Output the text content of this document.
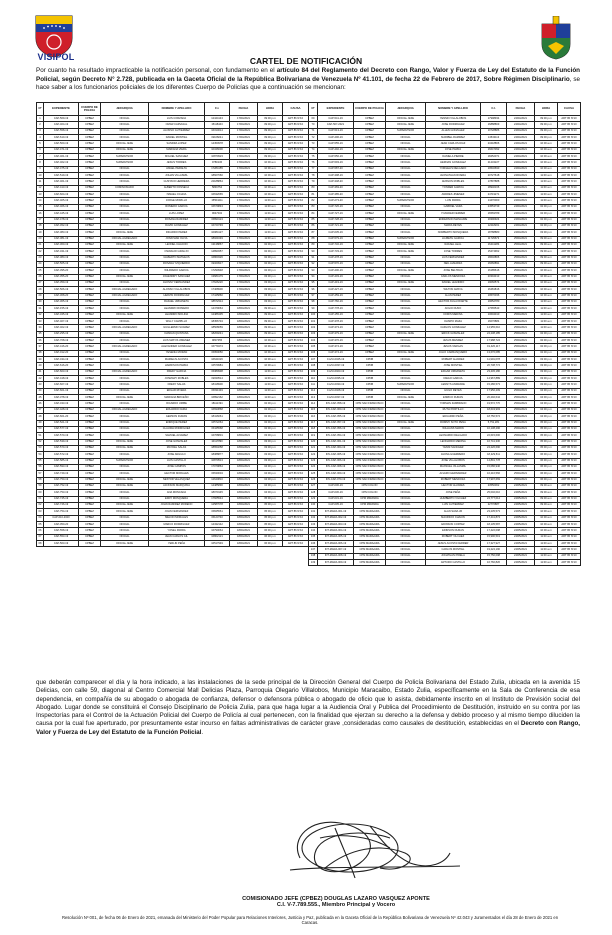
VISIPOL	CARTEL DE NOTIFICACIÓN
Por cuanto ha resultado impracticable la notificación personal, con fundamento en el artículo 84 del Reglamento del Decreto con Rango, Valor y Fuerza de Ley del Estatuto de la Función Policial, según Decreto N° 2.728, publicada en la Gaceta Oficial de la República Bolivariana de Venezuela Nº 41.101, de fecha 22 de Febrero de 2017, Sobre Régimen Disciplinario, se hace saber a los funcionarios policiales de los diferentes Cuerpo de Policías que a continuación se mencionan:
Nº	EXPEDIENTE	CUERPO DE POLICIA	JERARQUIA	NOMBRE Y APELLIDO	C.I.	FECHA	HORA	CAUSA
1	CAP-569-19	CPBEZ	OFICIAL	LUIS CORZADA	12444143	17/04/2021	09:00 p.m	ART 86 Nº10
2	CAP-404-19	CPBEZ	OFICIAL	OMAR CARVAJAL	15118443	17/04/2021	09:00 p.m	ART 86 Nº10
3	CAP-558-19	CPBEZ	OFICIAL	ALONSO GUTIERREZ	16314614	17/04/2021	09:00 p.m	ART 86 Nº10
4	CAP-610-19	CPBEZ	OFICIAL	DANIEL MONTIEL	19108241	17/04/2021	09:00 p.m	ART 86 Nº10
5	CAP-560-19	CPBEZ	OFICIAL JEFE	SANDRA LOPEZ	14450978	17/04/2021	09:00 p.m	ART 86 Nº10
6	CAP-471-19	CPBEZ	OFICIAL JEFE	MARIANA VIERA	10346600	17/04/2021	09:00 p.m	ART 86 Nº10
7	CAP-461-19	CPBEZ	SUPERVISOR	MIGUEL SANCHEZ	10870923	17/04/2021	09:00 p.m	ART 86 Nº10
8	CAP-462-19	CPBEZ	SUPERVISOR	JESUS TORRES	9780136	17/04/2021	10:00 a.m	ART 86 Nº10
9	CAP-475-19	CPBEZ	OFICIAL	ANGEL PERALTA	17284155	17/04/2021	10:00 a.m	ART 86 Nº10
10	CAP-519-19	CPBEZ	OFICIAL	JOHAN VILLASMIL	18607660	17/04/2021	10:00 a.m	ART 86 Nº10
11	CAP-461-19	CPBEZ	OFICIAL	GUSTAVO HERRERA	22188864	17/04/2021	10:00 a.m	ART 86 Nº10
12	CAP-413-19	CPBEZ	COMISIONADO	ALBERTO FONSECA	5846754	17/04/2021	10:00 a.m	ART 86 Nº10
13	CAP-604-19	CPBEZ	OFICIAL	ISMAEL OCHOA	16632665	17/04/2021	10:00 a.m	ART 86 Nº10
14	CAP-405-19	CPBEZ	OFICIAL	JORGE MORILLO	15504411	17/04/2021	11:00 a.m	ART 86 Nº10
15	CAP-466-19	CPBEZ	OFICIAL	ROMERO GARCIA	16679843	17/04/2021	11:00 a.m	ART 86 Nº10
16	CAP-445-19	CPBEZ	OFICIAL	LUIS LOPEZ	9647032	17/04/2021	11:00 a.m	ART 86 Nº10
17	CAP-478-19	CPBEZ	OFICIAL	ROSANA RAMIREZ	15890124	17/04/2021	11:00 a.m	ART 86 Nº10
18	CAP-452-19	CPBEZ	OFICIAL	DAVID GONZALEZ	16720793	17/04/2021	11:00 a.m	ART 86 Nº10
19	CAP-383-19	CPBEZ	OFICIAL JEFE	RICARDO PEREZ	10084127	17/04/2021	11:00 a.m	ART 86 Nº10
20	CAP-381-19	CPBEZ	OFICIAL AGREGADO	JONATHAN OLIVA	18021649	17/04/2021	11:00 a.m	ART 86 Nº10
21	CAP-360-19	CPBEZ	OFICIAL JEFE	LEONEL CHACON	13138867	17/04/2021	02:00 p.m	ART 86 Nº10
22	CAP-341-19	CPBEZ	OFICIAL	OSWALDO ARAUJO	14890357	17/04/2021	02:00 p.m	ART 86 Nº10
23	CAP-380-19	CPBEZ	OFICIAL	GILBERTO MATHEUS	16860326	17/04/2021	02:00 p.m	ART 86 Nº10
24	CAP-565-19	CPBEZ	OFICIAL	ROSANA YZQUIERDO	19320917	17/04/2021	02:00 p.m	ART 86 Nº10
25	CAP-395-20	CPBEZ	OFICIAL	WILFREDO GARCIA	17290948	17/04/2021	02:00 p.m	ART 86 Nº10
26	CAP-355-20	CPBEZ	OFICIAL JEFE	JOHENDRY SANCHEZ	13684179	17/04/2021	03:00 p.m	ART 86 Nº10
27	CAP-359-19	CPBEZ	OFICIAL	JHONNY FERNANDEZ	17626220	17/04/2021	03:00 p.m	ART 86 Nº10
28	CAP-506-19	CPBEZ	OFICIAL AGREGADO	ALONSO VILLALOBOS	17468900	17/04/2021	03:00 p.m	ART 86 Nº10
29	CAP-368-20	CPBEZ	OFICIAL AGREGADO	HERVIN RODRIGUEZ	17445860	17/04/2021	03:00 p.m	ART 86 Nº10
30	CAP-365-19	CPBEZ	OFICIAL	RAFAEL URDANETA	18672314	17/04/2021	03:00 p.m	ART 86 Nº10
31	CAP-155-19	CPBEZ	OFICIAL	LEANDRO ROMERO	14479064	18/04/2021	09:00 a.m	ART 86 Nº10
32	CAP-345-19	CPBEZ	OFICIAL JEFE	LEANDRO MOLINA	12486335	18/04/2021	09:00 a.m	ART 86 Nº10
33	CAP-407-19	CPBEZ	OFICIAL	WILLY CAMPILLO	18456734	18/04/2021	09:00 a.m	ART 86 Nº10
34	CAP-402-19	CPBEZ	OFICIAL AGREGADO	GUILLERMO SUAREZ	18508059	18/04/2021	09:00 a.m	ART 86 Nº10
35	CAP-295-19	CPBEZ	OFICIAL	DAMIAN QUINTANA	18269241	18/04/2021	09:00 a.m	ART 86 Nº10
36	CAP-708-19	CPBEZ	OFICIAL	LUIS MATOS JIMENEZ	9837455	18/04/2021	10:00 a.m	ART 86 Nº10
37	CAP-416-20	CPBEZ	OFICIAL AGREGADO	ALEXANDER GONZALEZ	16779474	18/04/2021	10:00 a.m	ART 86 Nº10
38	CAP-012-20	CPBEZ	OFICIAL	YESENIA MORAN	15950050	18/04/2021	10:00 a.m	ART 86 Nº10
39	CAP-434-19	CPBEZ	OFICIAL	MARIELIS ACOSTA	16641626	18/04/2021	10:00 a.m	ART 86 Nº10
40	CAP-616-20	CPBEZ	OFICIAL	HARRISON PARRA	16579981	18/04/2021	10:00 a.m	ART 86 Nº10
41	CAP-603-19	CPBEZ	OFICIAL AGREGADO	FREDY GARCIA	15380938	18/04/2021	11:00 a.m	ART 86 Nº10
42	CAP-418-19	CPBEZ	OFICIAL	JOSMARY ROBLES	19930514	18/04/2021	11:00 a.m	ART 86 Nº10
43	CAP-607-19	CPBEZ	OFICIAL	FREDY SALAS	18418900	18/04/2021	11:00 a.m	ART 86 Nº10
44	CAP-601-19	CPBEZ	OFICIAL	EDGAR RIVERA	15031349	18/04/2021	11:00 a.m	ART 86 Nº10
45	CAP-378-19	CPBEZ	OFICIAL JEFE	MARIANA BRICEÑO	16892162	18/04/2021	11:00 a.m	ART 86 Nº10
46	CAP-433-19	CPBEZ	OFICIAL	RICARDO URIBE	18111394	18/04/2021	02:00 p.m	ART 86 Nº10
47	CAP-428-19	CPBEZ	OFICIAL AGREGADO	EDUARDO FARIA	16693868	18/04/2021	02:00 p.m	ART 86 Nº10
48	CAP-601-20	CPBEZ	OFICIAL	GERSON DURAN	18416061	18/04/2021	02:00 p.m	ART 86 Nº10
49	CAP-521-19	CPBEZ	OFICIAL	ENRIQUE PEREZ	16572264	18/04/2021	02:00 p.m	ART 86 Nº10
50	CAP-577-19	CPBEZ	OFICIAL	CLAUDIA RODRIGUEZ	15445568	18/04/2021	02:00 p.m	ART 86 Nº10
51	CAP-570-19	CPBEZ	OFICIAL	SAMUEL ALVAREZ	16768801	18/04/2021	03:00 p.m	ART 86 Nº10
52	CAP-539-19	CPBEZ	OFICIAL JEFE	JOSE GONZALEZ	10117890	18/04/2021	03:00 p.m	ART 86 Nº10
53	CAP-570-19	CPBEZ	OFICIAL JEFE	MAYDEL SALAS	18653258	18/04/2021	03:00 p.m	ART 86 Nº10
54	CAP-572-19	CPBEZ	OFICIAL	JOSE ANGULO	18388877	18/04/2021	03:00 p.m	ART 86 Nº10
55	CAP-585-19	CPBEZ	SUPERVISOR	LUIS CASTILLO	10870513	18/04/2021	03:00 p.m	ART 86 Nº10
56	CAP-593-19	CPBEZ	OFICIAL	JOSE CAMPOS	17079864	18/04/2021	04:00 p.m	ART 86 Nº10
57	CAP-749-19	CPBEZ	OFICIAL	HECTOR MORALES	15630004	18/04/2021	04:00 p.m	ART 86 Nº10
58	CAP-750-19	CPBEZ	OFICIAL JEFE	NESTOR VELASQUEZ	12640810	18/04/2021	04:00 p.m	ART 86 Nº10
59	CAP-752-19	CPBEZ	OFICIAL JEFE	JACKSON MARQUINA	14485890	18/04/2021	04:00 p.m	ART 86 Nº10
60	CAP-753-19	CPBEZ	OFICIAL	ANA MONCADA	18070145	18/04/2021	04:00 p.m	ART 86 Nº10
61	CAP-745-19	CPBEZ	OFICIAL	EDDY MOSQUERA	17665544	18/04/2021	05:00 p.m	ART 86 Nº10
62	CAP-746-19	CPBEZ	OFICIAL JEFE	JOHN RAMIREZ MORENO	12587678	18/04/2021	05:00 p.m	ART 86 Nº10
63	CAP-754-19	CPBEZ	OFICIAL JEFE	JOHN FERNANDEZ	15845561	18/04/2021	05:00 p.m	ART 86 Nº10
64	CAP-010-2020	CPBEZ	OFICIAL	MELVIN MORALES	15123740	18/04/2021	05:00 p.m	ART 86 Nº10
65	CAP-050-20	CPBEZ	OFICIAL	MARCO RODRIGUEZ	14432142	18/04/2021	05:00 p.m	ART 86 Nº10
66	CAP-558-19	CPBEZ	OFICIAL	YONEL PARRA	16790064	18/04/2021	06:00 p.m	ART 86 Nº10
67	CAP-553-19	CPBEZ	OFICIAL	JEAN CARLOS GIL	16802121	18/04/2021	06:00 p.m	ART 86 Nº10
68	CAP-563-19	CPBEZ	OFICIAL JEFE	YERLIN PEÑA	16517949	18/04/2021	06:00 p.m	ART 86 Nº10
Nº	EXPEDIENTE	CUERPO DE POLICIA	JERARQUIA	NOMBRE Y APELLIDO	C.I.	FECHA	HORA	CAUSA
69	CAP-541-19	CPBEZ	OFICIAL JEFE	YENNIN VILLALOBOS	17998934	24/04/2021	09:00 p.m	ART 86 Nº10
70	CAP-507-2021	CPBEZ	OFICIAL JEFE	JOSE RODRIGUEZ	16888869	24/04/2021	09:00 p.m	ART 86 Nº10
71	CAP-513-19	CPBEZ	SUPERVISOR	ALLEN GONZALEZ	10728886	24/04/2021	09:00 p.m	ART 86 Nº10
72	CAP-496-19	CPBEZ	OFICIAL	MARIBEL RAMIREZ	14543113	24/04/2021	09:00 p.m	ART 86 Nº10
73	CAP-555-19	CPBEZ	OFICIAL	JEAN CARLOS DIAZ	23418866	24/04/2021	10:00 a.m	ART 86 Nº10
74	CAP-492-19	CPBEZ	OFICIAL JEFE	JOSE PARRA	16647092	24/04/2021	10:00 a.m	ART 86 Nº10
75	CAP-556-19	CPBEZ	OFICIAL	DANIELA PIERRE	18452071	24/04/2021	10:00 a.m	ART 86 Nº10
76	CAP-593-19	CPBEZ	OFICIAL	HERNAN GONZALEZ	21234227	24/04/2021	10:00 a.m	ART 86 Nº10
77	CAP-587-20	CPBEZ	OFICIAL	YORGELIS DELGADO	19532690	24/04/2021	10:00 a.m	ART 86 Nº10
78	CAP-398-19	CPBEZ	OFICIAL	JHONATHAN RIVERA	20727618	24/04/2021	11:00 a.m	ART 86 Nº10
79	CAP-348-20	CPBEZ	OFICIAL	JEISSON ROBLES	17897888	24/04/2021	11:00 a.m	ART 86 Nº10
80	CAP-369-20	CPBEZ	OFICIAL	YONDER GARCIA	18940166	24/04/2021	11:00 a.m	ART 86 Nº10
81	CAP-385-20	CPBEZ	OFICIAL	ANDRES JIMENEZ	24719271	24/04/2021	11:00 a.m	ART 86 Nº10
82	CAP-273-20	CPBEZ	SUPERVISOR	LUIS PARRA	14470000	24/04/2021	11:00 a.m	ART 86 Nº10
83	CAP-726-19	CPBEZ	OFICIAL	GABRIEL VARA	24553739	24/04/2021	02:00 p.m	ART 86 Nº10
84	CAP-727-19	CPBEZ	OFICIAL JEFE	YOANDER FERRER	16569789	24/04/2021	02:00 p.m	ART 86 Nº10
85	CAP-728-19	CPBEZ	OFICIAL	ENDERSON MANAURE	19390924	24/04/2021	02:00 p.m	ART 86 Nº10
86	CAP-721-19	CPBEZ	OFICIAL	MARIA REYES	12218201	24/04/2021	02:00 p.m	ART 86 Nº10
87	CAP-635-19	CPBEZ	OFICIAL	NORBERTO MOSQUERA	18788880	24/04/2021	03:00 p.m	ART 86 Nº10
88	CAP-579-19	CPBEZ	SUPERVISOR	LILIBETH GARCIA	11729672	25/04/2021	09:00 a.m	ART 86 Nº10
89	CAP-732-19	CPBEZ	OFICIAL JEFE	RAFAEL LEAL	16441284	25/04/2021	09:00 a.m	ART 86 Nº10
90	CAP-733-19	CPBEZ	OFICIAL JEFE	JOSE TORRES	15474962	25/04/2021	09:00 a.m	ART 86 Nº10
91	CAP-478-19	CPBEZ	OFICIAL	LUIS FERNANDEZ	18602866	25/04/2021	09:00 a.m	ART 86 Nº10
92	CAP-570-19	CPBEZ	OFICIAL	NEIL ALMARZA	16660891	25/04/2021	09:00 a.m	ART 86 Nº10
93	CAP-400-19	CPBEZ	OFICIAL JEFE	JOSE BELTRAN	16185616	25/04/2021	10:00 a.m	ART 86 Nº10
94	CAP-403-19	CPBEZ	OFICIAL	CARLOS MENDOZA	20394313	25/04/2021	10:00 a.m	ART 86 Nº10
95	CAP-419-19	CPBEZ	OFICIAL JEFE	DANIEL LEANDRO	19066574	25/04/2021	10:00 a.m	ART 86 Nº10
96	CAP-427-19	CPBEZ	OFICIAL	WILTON AMAYA	16481816	25/04/2021	10:00 a.m	ART 86 Nº10
97	CAP-459-19	CPBEZ	OFICIAL	ALAN PEREZ	19570036	25/04/2021	10:00 a.m	ART 86 Nº10
98	CAP-760-19	CPBEZ	OFICIAL	HECTOR AVILA IRIARTE	19652780	25/04/2021	11:00 a.m	ART 86 Nº10
99	CAP-778-19	CPBEZ	OFICIAL	AVILIO DUNO	17665543	25/04/2021	11:00 a.m	ART 86 Nº10
100	CAP-155-19	CPBEZ	OFICIAL	DORIS MEDINA	10604010	25/04/2021	11:00 a.m	ART 86 Nº10
101	CAP-378-19	CPBEZ	OFICIAL	OLIMPO MAZA	16076884	25/04/2021	11:00 a.m	ART 86 Nº10
102	CAP-373-19	CPBEZ	OFICIAL	CARLOS GONZALEZ	14,955,610	25/04/2021	11:00 a.m	ART 86 Nº10
103	CAP-379-19	CPBEZ	OFICIAL JEFE	ERICK GONZALEZ	24,238,185	25/04/2021	02:00 p.m	ART 86 Nº10
104	CAP-376-19	CPBEZ	OFICIAL	JESUS MENDEZ	17,988,724	25/04/2021	02:00 p.m	ART 86 Nº10
105	CAP-374-19	CPBEZ	OFICIAL	JESUS VARGAS	19,420,117	25/04/2021	02:00 p.m	ART 86 Nº10
106	CAP-374-19	CPBEZ	OFICIAL JEFE	JULIO CARRASQUERO	13,676,085	25/04/2021	02:00 p.m	ART 86 Nº10
107	CI-ZU-0045-19	CPNB	OFICIAL	ROBERT ALVAREZ	11,991,678	25/04/2021	03:00 p.m	ART 86 Nº10
108	CI-ZU-0037-19	CPNB	OFICIAL	JOSE MONTIEL	20,738,774	25/04/2021	03:00 p.m	ART 86 Nº10
109	CI-ZU-0023-19	CPNB	OFICIAL	EDGAR URDANETA	23,445,180	25/04/2021	03:00 p.m	ART 86 Nº10
110	CI-ZU-0035-19	CPNB	OFICIAL	DIEGO GARCIA	14,967,889	25/04/2021	03:00 p.m	ART 86 Nº10
111	CI-ZU-0030-19	CPNB	SUPERVISOR	LENNYS ANDRADE	15,286,573	25/04/2021	03:00 p.m	ART 86 Nº10
112	CI-ZU-0028-19	CPNB	OFICIAL	HUGO REYES	17,956,209	25/04/2021	04:00 p.m	ART 86 Nº10
113	CI-ZU-0037-19	CPNB	OFICIAL JEFE	ENRICO DURAN	20,292,644	25/04/2021	04:00 p.m	ART 86 Nº10
114	INV-CAP-058-19	CPM SAN FRANCISCO	OFICIAL	YORMAN ZAMBRANO	19,572,770	25/04/2021	04:00 p.m	ART 86 Nº10
115	INV-CAP-060-19	CPM SAN FRANCISCO	OFICIAL	RUTH PORTILLO	18,643,993	25/04/2021	04:00 p.m	ART 86 Nº10
116	INV-CAP-055-19	CPM SAN FRANCISCO	OFICIAL	EDUARDO PEÑA	18,750,574	25/04/2021	04:00 p.m	ART 86 Nº10
117	INV-CAP-057-19	CPM SAN FRANCISCO	OFICIAL JEFE	ROMMY SOTO PEÑA	5,751,281	25/04/2021	05:00 p.m	ART 86 Nº10
118	INV-CAP-056-19	CPM SAN FRANCISCO	OFICIAL	WILLIANS MARIN	10,138,296	25/04/2021	05:00 p.m	ART 86 Nº10
119	INV-CAP-054-19	CPM SAN FRANCISCO	OFICIAL	LEONARDO DELGADO	22,615,600	25/04/2021	05:00 p.m	ART 86 Nº10
120	INV-CAP-061-19	CPM SAN FRANCISCO	OFICIAL	LEONARDO MEDINA	16,741,330	25/04/2021	05:00 p.m	ART 86 Nº10
121	INV-CAP-064-19	CPM SAN FRANCISCO	OFICIAL	YENNI SANCHEZ	24,226,690	25/04/2021	05:00 p.m	ART 86 Nº10
122	INV-CAP-065-19	CPM SAN FRANCISCO	OFICIAL	JHONA GUERRERO	18,229,511	25/04/2021	06:00 p.m	ART 86 Nº10
123	INV-CAP-066-19	CPM SAN FRANCISCO	OFICIAL	JOSE VILLALOBOS	14,891,778	25/04/2021	06:00 p.m	ART 86 Nº10
124	INV-CAP-068-19	CPM SAN FRANCISCO	OFICIAL	MAXSUEL VILLASMIL	15,086,946	25/04/2021	06:00 p.m	ART 86 Nº10
125	INV-CAP-069-19	CPM SAN FRANCISCO	OFICIAL	ALVARO HERNANDEZ	16,216,566	25/04/2021	06:00 p.m	ART 86 Nº10
126	INV-CAP-070-19	CPM SAN FRANCISCO	OFICIAL	ROBERT MENDOZA	17,997,669	25/04/2021	06:00 p.m	ART 86 Nº10
127	CAP-006-19	CPM COLON	OFICIAL	HECTOR ALVARES	23550062	24/05/2021	09:00 a.m	ART 86 Nº10
128	CAP-030-19	CPM COLON	OFICIAL	JOSE PEÑA	25,002,010	24/05/2021	09:00 a.m	ART 86 Nº10
129	CAP-031-19	CPM MIRANDA	OFICIAL	HUMBERTO VILCHEZ	24,777,014	24/05/2021	09:00 a.m	ART 86 Nº10
130	CAP-005-19	CPM MIRANDA	OFICIAL	LUIS GUTIERREZ	22770887	24/05/2021	09:00 a.m	ART 86 Nº10
131	INT-MARA-001-19	CPM MARA/ARA	OFICIAL	ALAN SANA JR	23,235,573	24/05/2021	10:00 a.m	ART 86 Nº10
132	INT-MARA-002-19	CPM MARA/ARA	OFICIAL	MAURICIO CHACIN	17,441,874	24/05/2021	10:00 a.m	ART 86 Nº10
133	INT-MARA-003-19	CPM MARA/ARA	OFICIAL	EDINSON CORTEZ	18,135,587	24/05/2021	10:00 a.m	ART 86 Nº10
134	INT-MARA-004-19	CPM MARA/ARA	OFICIAL	EDINSON DURAN	17,422,098	24/05/2021	10:00 a.m	ART 86 Nº10
135	INT-MARA-005-19	CPM MARA/ARA	OFICIAL	ROBERT VILCHEZ	15,990,519	24/05/2021	11:00 a.m	ART 86 Nº10
136	INT-MARA-006-19	CPM MARA/ARA	OFICIAL	JESUS ACOSTA FERRER	17,327,927	24/05/2021	11:00 a.m	ART 86 Nº10
137	INT-MARA-007-19	CPM MARA/ARA	OFICIAL	CARLOS MONTIEL	19,224,190	24/05/2021	11:00 a.m	ART 86 Nº10
138	INT-MARA-008-19	CPM MARA/ARA	OFICIAL	JONATHAN PIRELA	15,750,098	24/05/2021	11:00 a.m	ART 86 Nº10
139	INT-MARA-009-19	CPM MARA/ARA	OFICIAL	ARTURO CASTILLO	16,760,826	24/05/2021	11:00 a.m	ART 86 Nº10
que deberán comparecer el día y la hora indicado, a las instalaciones de la sede principal de la Dirección General del Cuerpo de Policía Bolivariana del Estado Zulia, ubicada en la avenida 15 Delicias, con calle 59, diagonal al Centro Comercial Mall Delicias Plaza, Parroquia Olegario Villalobos, Municipio Maracaibo, Estado Zulia, específicamente en la Sala de Conferencia de esa dependencia, en compañía de su abogado o abogada de confianza, defensor o defensora pública o abogado de oficio que lo asista, debidamente inscrito en el Instituto de Previsión social del Abogado. Lugar donde se constituirá el Consejo Disciplinario de Policía Zulia, para que haga lugar a la Audiencia Oral y Publica del Procedimiento de Destitución, instruido en su contra por las Inspectorías para el Control de la Actuación Policial del Cuerpo de Policía al cual pertenecen, con la finalidad que ejerzan su derecho a la defensa y debido proceso y al mismo tiempo diluciden la causa por la cual fue aperturado, por presuntamente estar incurso en faltas administrativas de carácter grave ,consideradas como causales de destitución, establecidas en el Decreto con Rango, Valor y Fuerza de Ley del Estatuto de la Función Policial.
COMISIONADO JEFE (CPBEZ) DOUGLAS LAZARO VASQUEZ APONTE
C.I. V-7.789.555., Miembro Principal y Vocero
Resolución Nº 001, de fecha 06 de Enero de 2021, emanada del Ministerio del Poder Popular para Relaciones Interiores, Justicia y Paz, publicada en la Gaceta Oficial de la República Bolivariana de Venezuela Nº 42.043 y Juramentados el día 28 de Enero de 2021 en Caracas.
